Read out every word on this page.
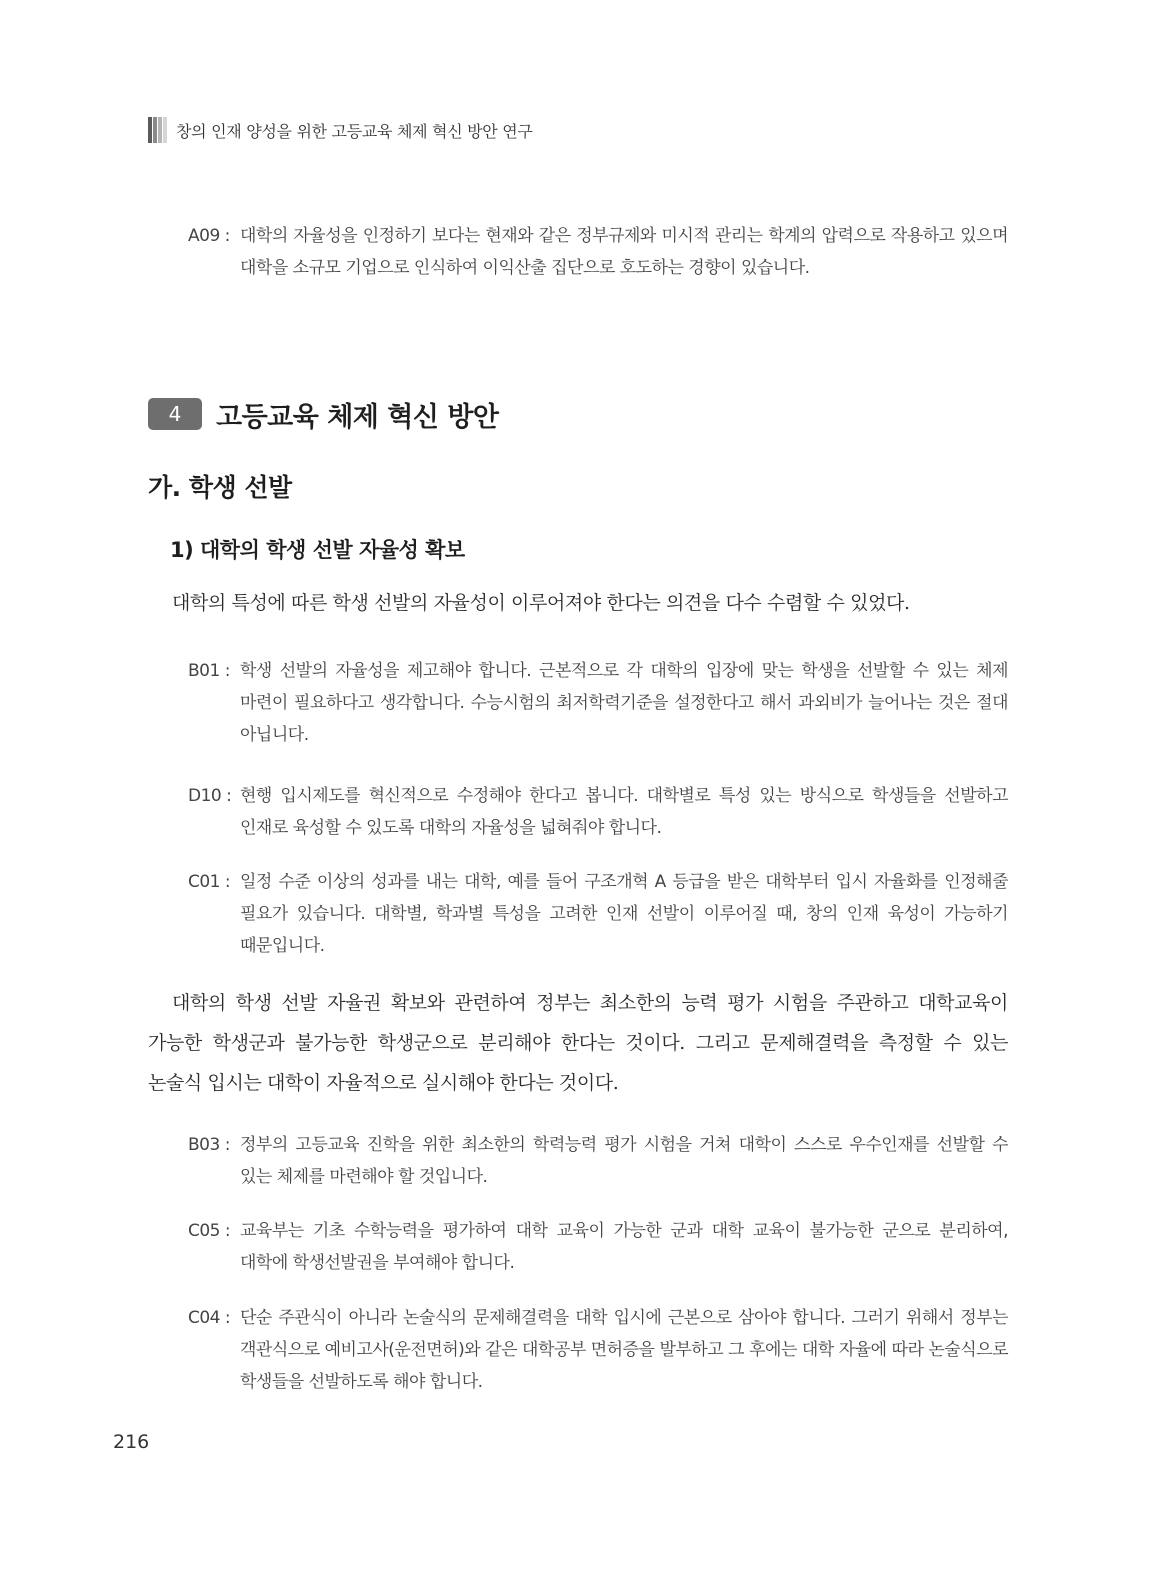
창의 인재 양성을 위한 고등교육 체제 혁신 방안 연구
A09 : 대학의 자율성을 인정하기 보다는 현재와 같은 정부규제와 미시적 관리는 학계의 압력으로 작용하고 있으며 대학을 소규모 기업으로 인식하여 이익산출 집단으로 호도하는 경향이 있습니다.
4	고등교육 체제 혁신 방안
가. 학생 선발
1) 대학의 학생 선발 자율성 확보
대학의 특성에 따른 학생 선발의 자율성이 이루어져야 한다는 의견을 다수 수렴할 수 있었다.
B01 : 학생 선발의 자율성을 제고해야 합니다. 근본적으로 각 대학의 입장에 맞는 학생을 선발할 수 있는 체제 마련이 필요하다고 생각합니다. 수능시험의 최저학력기준을 설정한다고 해서 과외비가 늘어나는 것은 절대 아닙니다.
D10 : 현행 입시제도를 혁신적으로 수정해야 한다고 봅니다. 대학별로 특성 있는 방식으로 학생들을 선발하고 인재로 육성할 수 있도록 대학의 자율성을 넓혀줘야 합니다.
C01 : 일정 수준 이상의 성과를 내는 대학, 예를 들어 구조개혁 A 등급을 받은 대학부터 입시 자율화를 인정해줄 필요가 있습니다. 대학별, 학과별 특성을 고려한 인재 선발이 이루어질 때, 창의 인재 육성이 가능하기 때문입니다.
대학의 학생 선발 자율권 확보와 관련하여 정부는 최소한의 능력 평가 시험을 주관하고 대학교육이 가능한 학생군과 불가능한 학생군으로 분리해야 한다는 것이다. 그리고 문제해결력을 측정할 수 있는 논술식 입시는 대학이 자율적으로 실시해야 한다는 것이다.
B03 : 정부의 고등교육 진학을 위한 최소한의 학력능력 평가 시험을 거쳐 대학이 스스로 우수인재를 선발할 수 있는 체제를 마련해야 할 것입니다.
C05 : 교육부는 기초 수학능력을 평가하여 대학 교육이 가능한 군과 대학 교육이 불가능한 군으로 분리하여, 대학에 학생선발권을 부여해야 합니다.
C04 : 단순 주관식이 아니라 논술식의 문제해결력을 대학 입시에 근본으로 삼아야 합니다. 그러기 위해서 정부는 객관식으로 예비고사(운전면허)와 같은 대학공부 면허증을 발부하고 그 후에는 대학 자율에 따라 논술식으로 학생들을 선발하도록 해야 합니다.
216
